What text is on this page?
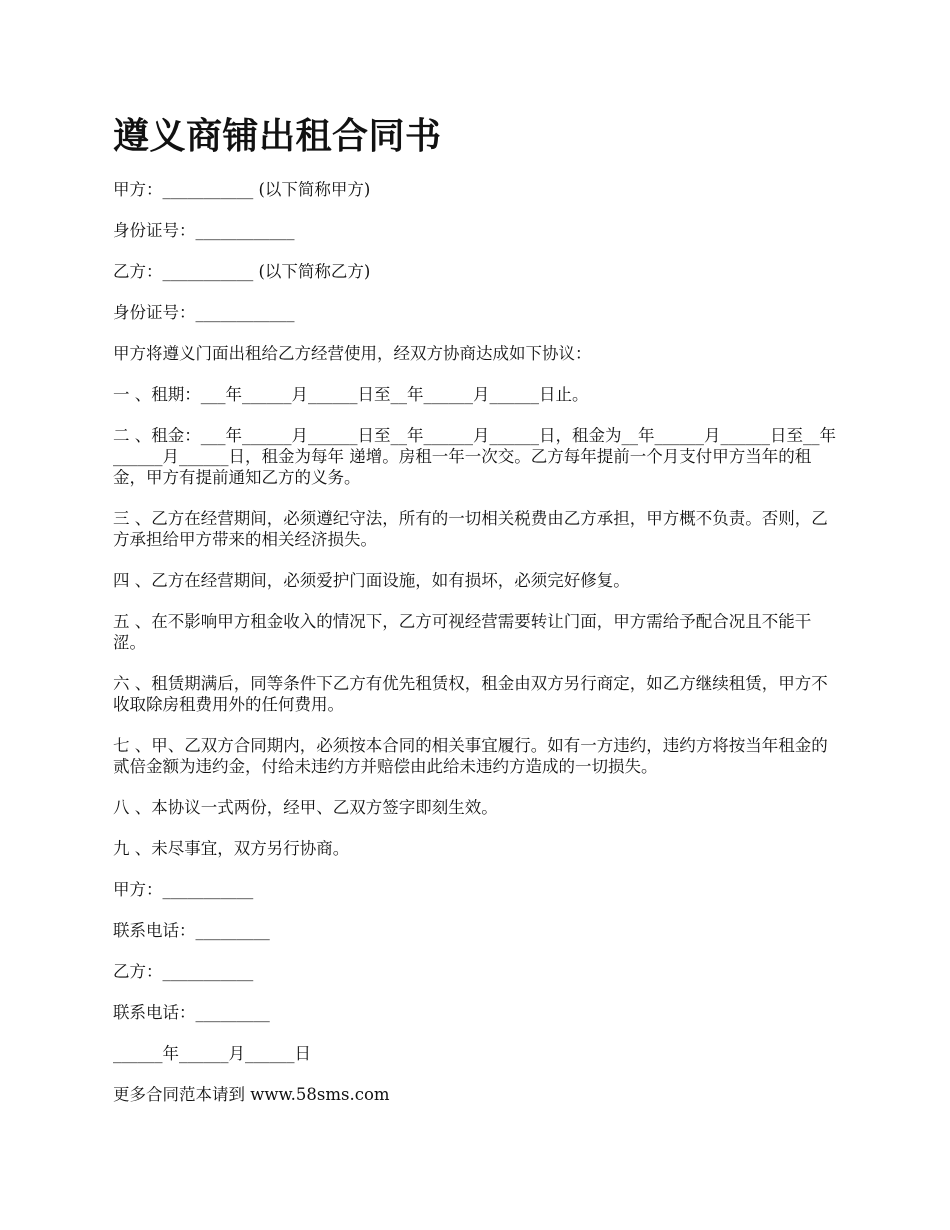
遵义商铺出租合同书

甲方：___________ (以下简称甲方)

身份证号：____________

乙方：___________ (以下简称乙方)

身份证号：____________

甲方将遵义门面出租给乙方经营使用，经双方协商达成如下协议：

一 、租期：___年______月______日至__年______月______日止。

二 、租金：___年______月______日至__年______月______日，租金为__年______月______日至__年______月______日，租金为每年 递增。房租一年一次交。乙方每年提前一个月支付甲方当年的租金，甲方有提前通知乙方的义务。

三 、乙方在经营期间，必须遵纪守法，所有的一切相关税费由乙方承担，甲方概不负责。否则，乙方承担给甲方带来的相关经济损失。

四 、乙方在经营期间，必须爱护门面设施，如有损坏，必须完好修复。

五 、在不影响甲方租金收入的情况下，乙方可视经营需要转让门面，甲方需给予配合况且不能干涩。

六 、租赁期满后，同等条件下乙方有优先租赁权，租金由双方另行商定，如乙方继续租赁，甲方不收取除房租费用外的任何费用。

七 、甲、乙双方合同期内，必须按本合同的相关事宜履行。如有一方违约，违约方将按当年租金的贰倍金额为违约金，付给未违约方并赔偿由此给未违约方造成的一切损失。

八 、本协议一式两份，经甲、乙双方签字即刻生效。

九 、未尽事宜，双方另行协商。

甲方：___________

联系电话：_________

乙方：___________

联系电话：_________

______年______月______日

更多合同范本请到 www.58sms.com
